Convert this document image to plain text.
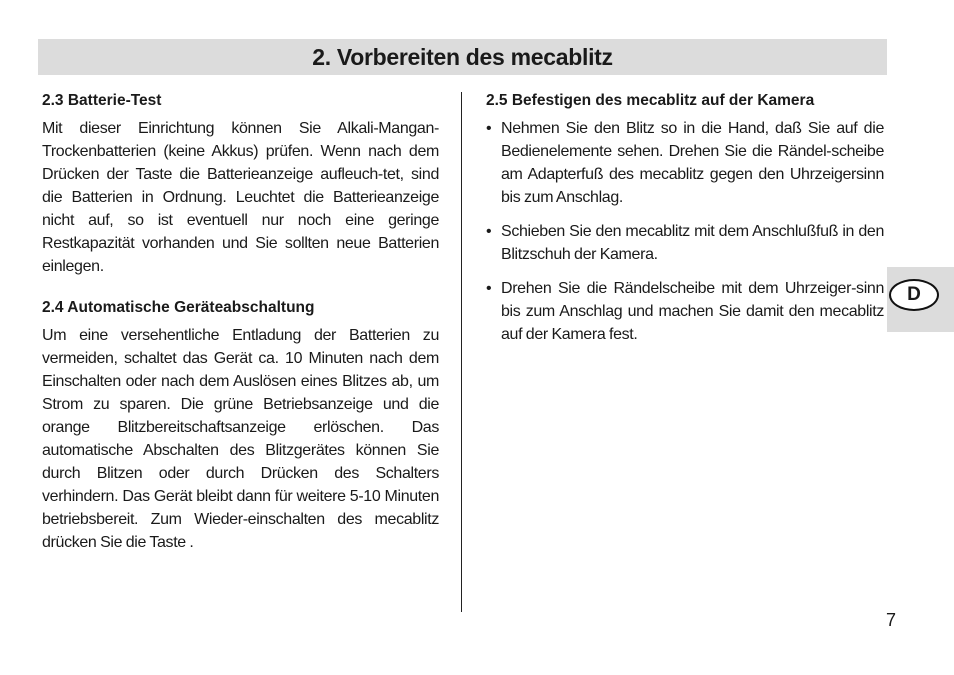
2. Vorbereiten des mecablitz
2.3 Batterie-Test

Mit dieser Einrichtung können Sie Alkali-Mangan-Trockenbatterien (keine Akkus) prüfen. Wenn nach dem Drücken der Taste die Batterieanzeige aufleuch-tet, sind die Batterien in Ordnung. Leuchtet die Batterieanzeige nicht auf, so ist eventuell nur noch eine geringe Restkapazität vorhanden und Sie sollten neue Batterien einlegen.

2.4 Automatische Geräteabschaltung

Um eine versehentliche Entladung der Batterien zu vermeiden, schaltet das Gerät ca. 10 Minuten nach dem Einschalten oder nach dem Auslösen eines Blitzes ab, um Strom zu sparen. Die grüne Betriebsanzeige und die orange Blitzbereitschaftsanzeige erlöschen. Das automatische Abschalten des Blitzgerätes können Sie durch Blitzen oder durch Drücken des Schalters verhindern. Das Gerät bleibt dann für weitere 5-10 Minuten betriebsbereit. Zum Wieder-einschalten des mecablitz drücken Sie die Taste .

2.5 Befestigen des mecablitz auf der Kamera
• Nehmen Sie den Blitz so in die Hand, daß Sie auf die Bedienelemente sehen. Drehen Sie die Rändel-scheibe am Adapterfuß des mecablitz gegen den Uhrzeigersinn bis zum Anschlag.
• Schieben Sie den mecablitz mit dem Anschlußfuß in den Blitzschuh der Kamera.
• Drehen Sie die Rändelscheibe mit dem Uhrzeiger-sinn bis zum Anschlag und machen Sie damit den mecablitz auf der Kamera fest.
D
7
